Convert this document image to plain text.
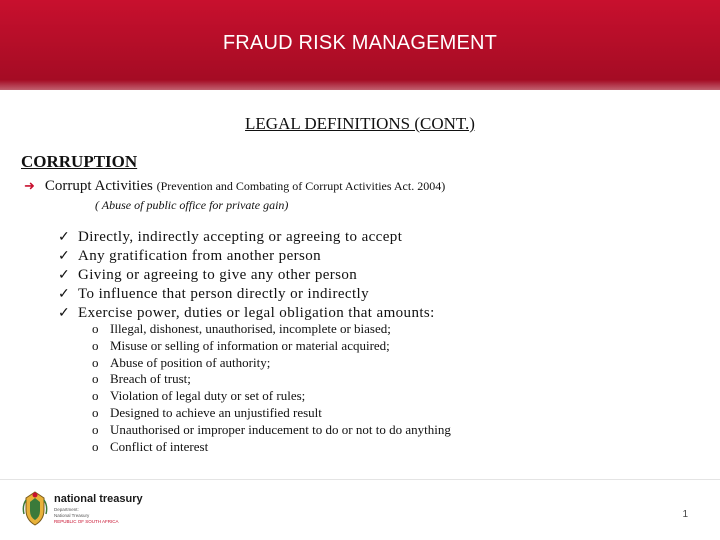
FRAUD RISK MANAGEMENT
LEGAL DEFINITIONS (CONT.)
CORRUPTION
➜ Corrupt Activities (Prevention and Combating of Corrupt Activities Act. 2004)
( Abuse of public office for private gain)
✓ Directly, indirectly accepting or agreeing to accept
✓ Any gratification from another person
✓ Giving or agreeing to give any other person
✓ To influence that person directly or indirectly
✓ Exercise power, duties or legal obligation that amounts:
o Illegal, dishonest, unauthorised, incomplete or biased;
o Misuse or selling of information or material acquired;
o Abuse of position of authority;
o Breach of trust;
o Violation of legal duty or set of rules;
o Designed to achieve an unjustified result
o Unauthorised or improper inducement to do or not to do anything
o Conflict of interest
national treasury
Department:
National Treasury
REPUBLIC OF SOUTH AFRICA
1
